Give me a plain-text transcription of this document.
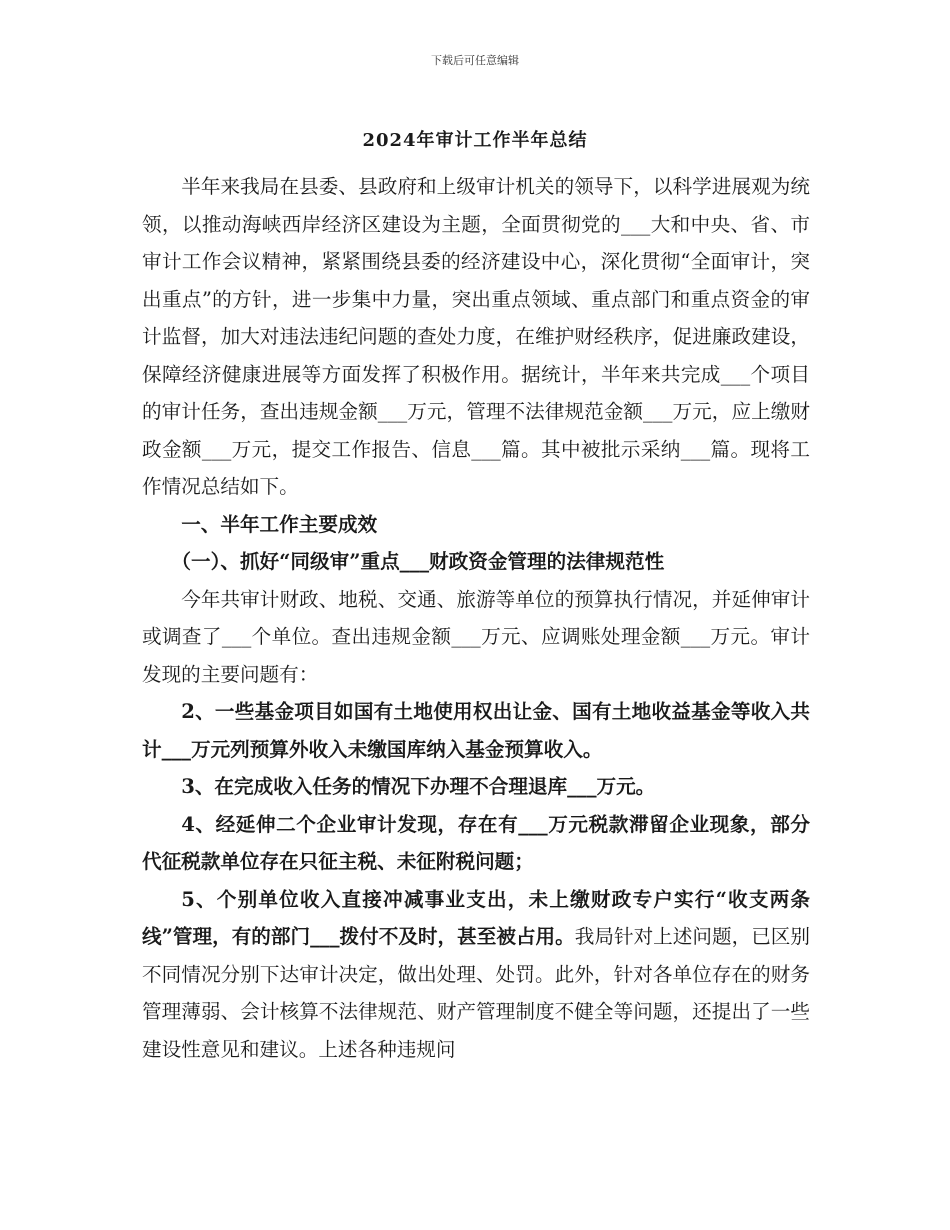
下载后可任意编辑
2024年审计工作半年总结

半年来我局在县委、县政府和上级审计机关的领导下，以科学进展观为统领，以推动海峡西岸经济区建设为主题，全面贯彻党的___大和中央、省、市审计工作会议精神，紧紧围绕县委的经济建设中心，深化贯彻“全面审计，突出重点”的方针，进一步集中力量，突出重点领域、重点部门和重点资金的审计监督，加大对违法违纪问题的查处力度，在维护财经秩序，促进廉政建设，保障经济健康进展等方面发挥了积极作用。据统计，半年来共完成___个项目的审计任务，查出违规金额___万元，管理不法律规范金额___万元，应上缴财政金额___万元，提交工作报告、信息___篇。其中被批示采纳___篇。现将工作情况总结如下。

一、半年工作主要成效

（一）、抓好“同级审”重点___财政资金管理的法律规范性

今年共审计财政、地税、交通、旅游等单位的预算执行情况，并延伸审计或调查了___个单位。查出违规金额___万元、应调账处理金额___万元。审计发现的主要问题有：

2、一些基金项目如国有土地使用权出让金、国有土地收益基金等收入共计___万元列预算外收入未缴国库纳入基金预算收入。

3、在完成收入任务的情况下办理不合理退库___万元。

4、经延伸二个企业审计发现，存在有___万元税款滞留企业现象，部分代征税款单位存在只征主税、未征附税问题；

5、个别单位收入直接冲减事业支出，未上缴财政专户实行“收支两条线”管理，有的部门___拨付不及时，甚至被占用。我局针对上述问题，已区别不同情况分别下达审计决定，做出处理、处罚。此外，针对各单位存在的财务管理薄弱、会计核算不法律规范、财产管理制度不健全等问题，还提出了一些建设性意见和建议。上述各种违规问
